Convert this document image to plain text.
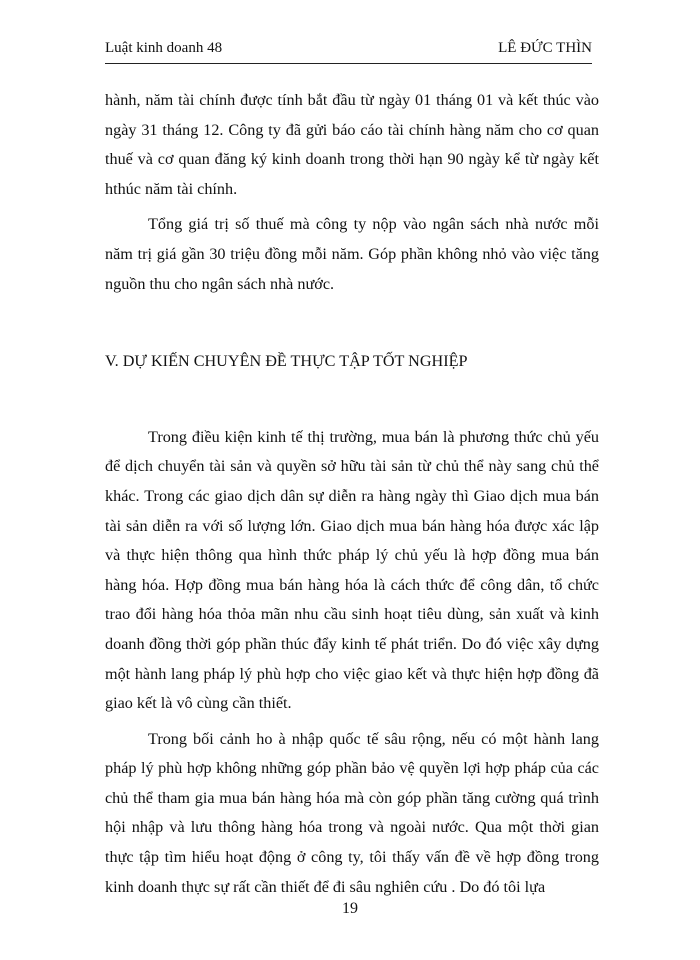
Luật kinh doanh 48	LÊ ĐỨC THÌN

hành, năm tài chính được tính bắt đầu từ ngày 01 tháng 01 và kết thúc vào ngày 31 tháng 12. Công ty đã gửi báo cáo tài chính hàng năm cho cơ quan thuế và cơ quan đăng ký kinh doanh trong thời hạn 90 ngày kể từ ngày kết hthúc năm tài chính.

Tổng giá trị số thuế mà công ty nộp vào ngân sách nhà nước mỗi năm trị giá gần 30 triệu đồng mỗi năm. Góp phần không nhỏ vào việc tăng nguồn thu cho ngân sách nhà nước.

V. DỰ KIẾN CHUYÊN ĐỀ THỰC TẬP TỐT NGHIỆP

Trong điều kiện kinh tế thị trường, mua bán là phương thức chủ yếu để dịch chuyển tài sản và quyền sở hữu tài sản từ chủ thể này sang chủ thể khác. Trong các giao dịch dân sự diễn ra hàng ngày thì Giao dịch mua bán tài sản diễn ra với số lượng lớn. Giao dịch mua bán hàng hóa được xác lập và thực hiện thông qua hình thức pháp lý chủ yếu là hợp đồng mua bán hàng hóa. Hợp đồng mua bán hàng hóa là cách thức để công dân, tổ chức trao đổi hàng hóa thỏa mãn nhu cầu sinh hoạt tiêu dùng, sản xuất và kinh doanh đồng thời góp phần thúc đẩy kinh tế phát triển. Do đó việc xây dựng một hành lang pháp lý phù hợp cho việc giao kết và thực hiện hợp đồng đã giao kết là vô cùng cần thiết.

Trong bối cảnh ho à nhập quốc tế sâu rộng, nếu có một hành lang pháp lý phù hợp không những góp phần bảo vệ quyền lợi hợp pháp của các chủ thể tham gia mua bán hàng hóa mà còn góp phần tăng cường quá trình hội nhập và lưu thông hàng hóa trong và ngoài nước. Qua một thời gian thực tập tìm hiểu hoạt động ở công ty, tôi thấy vấn đề về hợp đồng trong kinh doanh thực sự rất cần thiết để đi sâu nghiên cứu . Do đó tôi lựa

19
